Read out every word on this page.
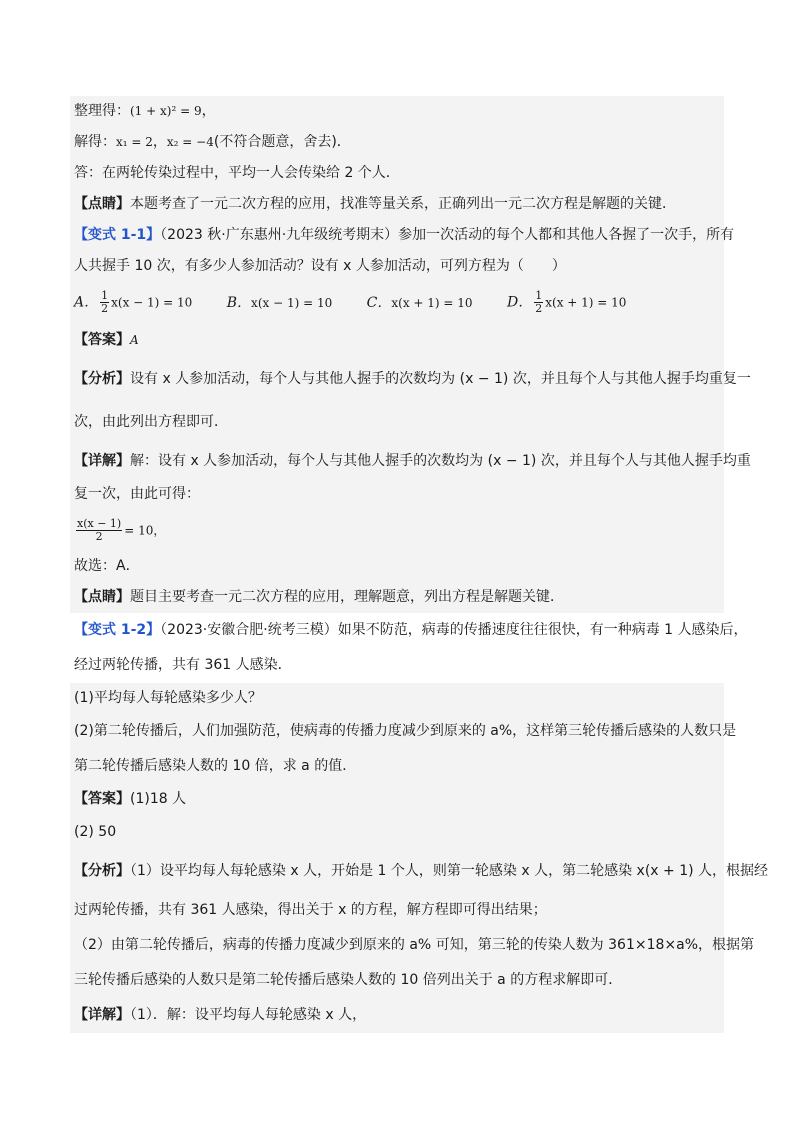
整理得：(1 + x)² = 9，
解得：x₁ = 2，x₂ = −4(不符合题意，舍去)．
答：在两轮传染过程中，平均一人会传染给 2 个人．
【点睛】本题考查了一元二次方程的应用，找准等量关系，正确列出一元二次方程是解题的关键．
【变式 1-1】（2023 秋·广东惠州·九年级统考期末）参加一次活动的每个人都和其他人各握了一次手，所有
人共握手 10 次，有多少人参加活动？设有 x 人参加活动，可列方程为（　　）
A． $\frac{1}{2} x(x - 1) = 10$ B．x(x − 1) = 10 C．x(x + 1) = 10 D． $\frac{1}{2} x(x + 1) = 10$
【答案】A
【分析】设有 x 人参加活动，每个人与其他人握手的次数均为 (x − 1) 次，并且每个人与其他人握手均重复一
次，由此列出方程即可．
【详解】解：设有 x 人参加活动，每个人与其他人握手的次数均为 (x − 1) 次，并且每个人与其他人握手均重
复一次，由此可得：
$\frac{x(x - 1)}{2} = 10$，
故选：A．
【点睛】题目主要考查一元二次方程的应用，理解题意，列出方程是解题关键．
【变式 1-2】（2023·安徽合肥·统考三模）如果不防范，病毒的传播速度往往很快，有一种病毒 1 人感染后，
经过两轮传播，共有 361 人感染．
(1)平均每人每轮感染多少人？
(2)第二轮传播后，人们加强防范，使病毒的传播力度减少到原来的 a%，这样第三轮传播后感染的人数只是
第二轮传播后感染人数的 10 倍，求 a 的值．
【答案】(1)18 人
(2) 50
【分析】（1）设平均每人每轮感染 x 人，开始是 1 个人，则第一轮感染 x 人，第二轮感染 x(x + 1) 人，根据经
过两轮传播，共有 361 人感染，得出关于 x 的方程，解方程即可得出结果；
（2）由第二轮传播后，病毒的传播力度减少到原来的 a% 可知，第三轮的传染人数为 361×18×a%，根据第
三轮传播后感染的人数只是第二轮传播后感染人数的 10 倍列出关于 a 的方程求解即可．
【详解】（1）．解：设平均每人每轮感染 x 人，
